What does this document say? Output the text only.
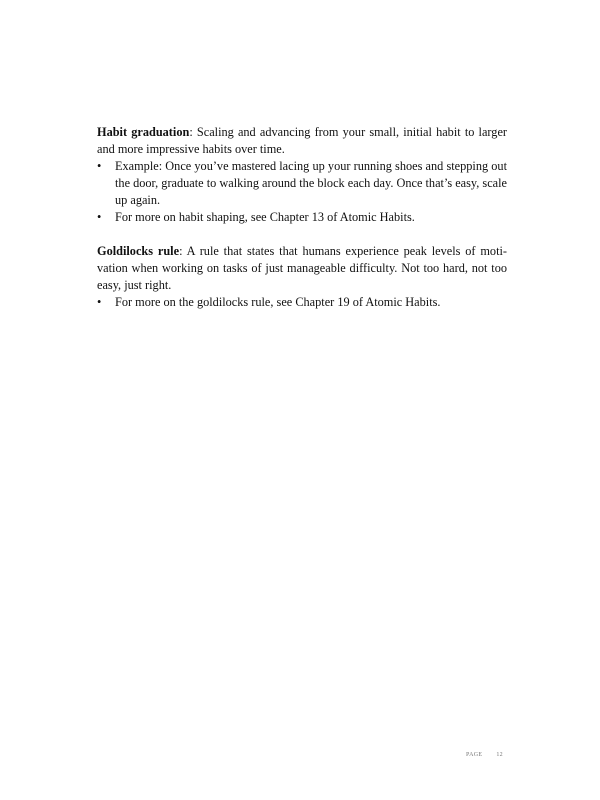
Habit graduation: Scaling and advancing from your small, initial habit to larger and more impressive habits over time.

• Example: Once you’ve mastered lacing up your running shoes and stepping out the door, graduate to walking around the block each day. Once that’s easy, scale up again.
• For more on habit shaping, see Chapter 13 of Atomic Habits.

Goldilocks rule: A rule that states that humans experience peak levels of moti-vation when working on tasks of just manageable difficulty. Not too hard, not too easy, just right.

• For more on the goldilocks rule, see Chapter 19 of Atomic Habits.
PAGE 12
